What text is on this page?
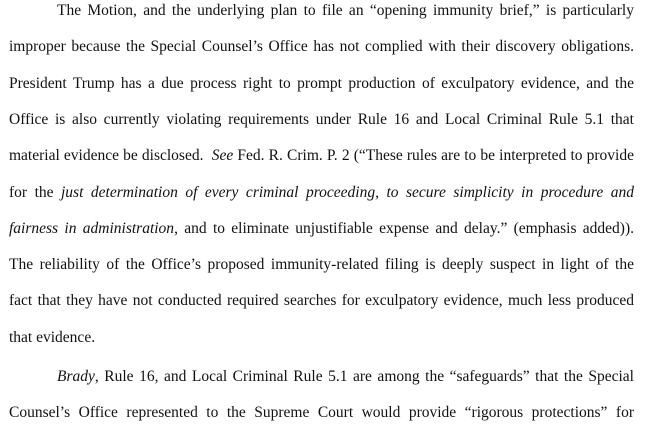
The Motion, and the underlying plan to file an “opening immunity brief,” is particularly
improper because the Special Counsel’s Office has not complied with their discovery obligations.
President Trump has a due process right to prompt production of exculpatory evidence, and the
Office is also currently violating requirements under Rule 16 and Local Criminal Rule 5.1 that
material evidence be disclosed.  See Fed. R. Crim. P. 2 (“These rules are to be interpreted to provide
for the just determination of every criminal proceeding, to secure simplicity in procedure and
fairness in administration, and to eliminate unjustifiable expense and delay.” (emphasis added)).
The reliability of the Office’s proposed immunity-related filing is deeply suspect in light of the
fact that they have not conducted required searches for exculpatory evidence, much less produced
that evidence.
Brady, Rule 16, and Local Criminal Rule 5.1 are among the “safeguards” that the Special
Counsel’s Office represented to the Supreme Court would provide “rigorous protections” for
